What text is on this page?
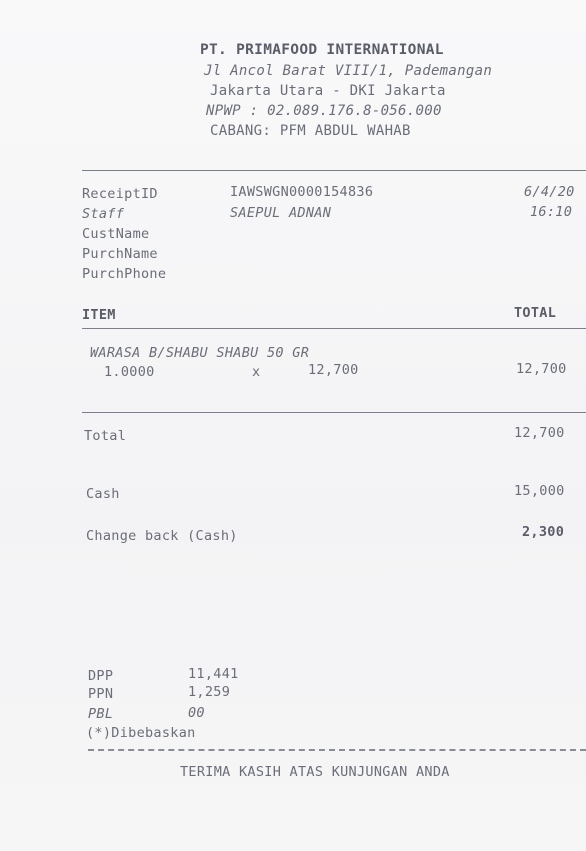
PT. PRIMAFOOD INTERNATIONAL
Jl Ancol Barat VIII/1, Pademangan
Jakarta Utara - DKI Jakarta
NPWP : 02.089.176.8-056.000
CABANG: PFM ABDUL WAHAB
ReceiptID	IAWSWGN0000154836	6/4/20
Staff	SAEPUL ADNAN	16:10
CustName
PurchName
PurchPhone
ITEM	TOTAL
WARASA B/SHABU SHABU 50 GR
1.0000	x	12,700	12,700
Total	12,700
Cash	15,000
Change back (Cash)	2,300
DPP	11,441
PPN	1,259
PBL	00
(*)Dibebaskan
TERIMA KASIH ATAS KUNJUNGAN ANDA
